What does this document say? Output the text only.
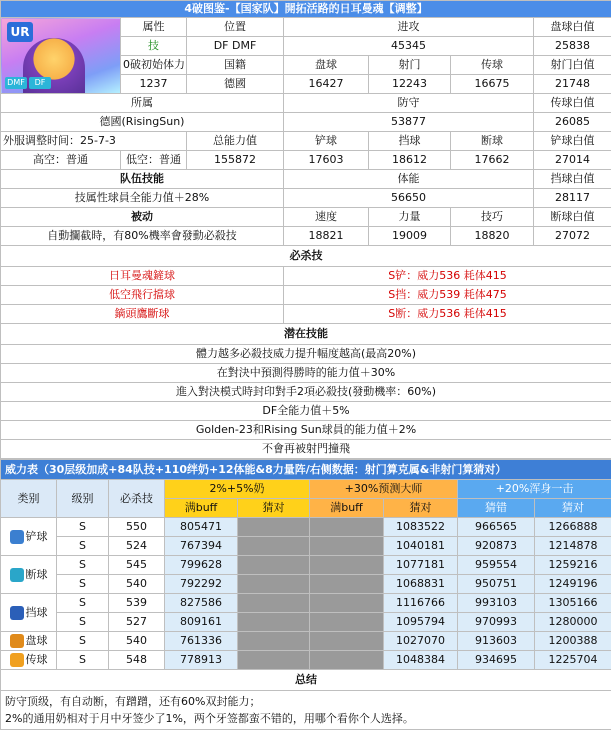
4破图鉴-【国家队】開拓活路的日耳曼魂【调整】						

UR
DMF DF	属性	位置	进攻			盘球白值
	技	DF DMF	45345			25838
	0破初始体力	国籍	盘球	射门	传球	射门白值
	1237	德國	16427	12243	16675	21748
所属			防守			传球白值
德國(RisingSun)			53877			26085
外服调整时间：25-7-3		总能力值	铲球	挡球	断球	铲球白值
高空：普通	低空：普通	155872	17603	18612	17662	27014
队伍技能			体能			挡球白值
技属性球員全能力值＋28%			56650			28117
被动			速度	力量	技巧	断球白值
自動攔截時，有80%機率會發動必殺技			18821	19009	18820	27072
必杀技						
日耳曼魂鏟球			S铲：威力536 耗体415			
低空飛行擋球			S挡：威力539 耗体475			
鏑頭鷹斷球			S断：威力536 耗体415			
潜在技能						
體力越多必殺技威力提升幅度越高(最高20%)						
在對決中預測得勝時的能力值＋30%						
進入對決模式時封印對手2項必殺技(發動機率：60%)						
DF全能力值＋5%						
Golden-23和Rising Sun球員的能力值＋2%						
不會再被射門撞飛						
威力表（30层级加成+84队技+110绊奶+12体能&8力量阵/右侧数据：射门算克属&非射门算猜对）								
类别	级别	必杀技	2%+5%奶		+30%预测大师		+20%浑身一击	
			满buff	猜对	满buff	猜对	猜错	猜对
铲球	S	550	805471			1083522	966565	1266888
	S	524	767394			1040181	920873	1214878
断球	S	545	799628			1077181	959554	1259216
	S	540	792292			1068831	950751	1249196
挡球	S	539	827586			1116766	993103	1305166
	S	527	809161			1095794	970993	1280000
盘球	S	540	761336			1027070	913603	1200388
传球	S	548	778913			1048384	934695	1225704
总结								

防守顶级，有自动断，有蹭蹭，还有60%双封能力；
2%的通用奶相对于月中牙签少了1%，两个牙签都蛮不错的，用哪个看你个人选择。								
